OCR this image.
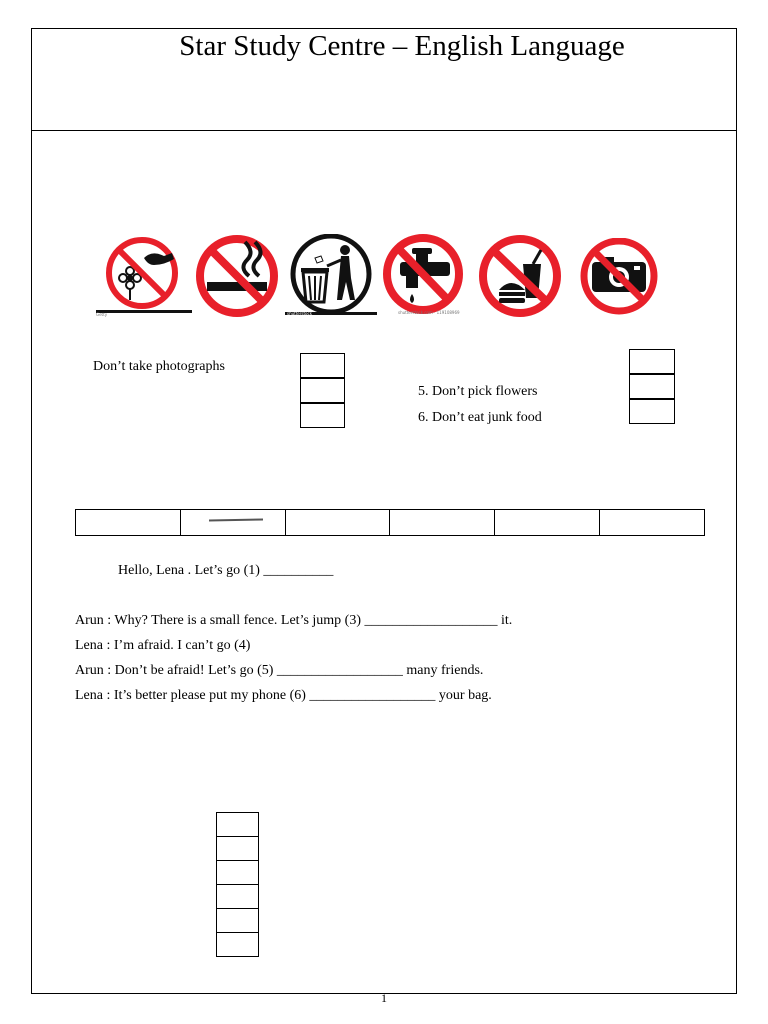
Star Study Centre – English Language
Getty	shutterstock	shutterstock.com · 119108969
Don’t take photographs
5. Don’t pick flowers
6. Don’t eat junk food
Hello, Lena . Let’s go (1) __________
Arun : Why? There is a small fence. Let’s jump (3) ___________________ it.
Lena : I’m afraid. I can’t go (4)
Arun : Don’t be afraid! Let’s go (5) __________________ many friends.
Lena : It’s better please put my phone (6) __________________ your bag.
1
